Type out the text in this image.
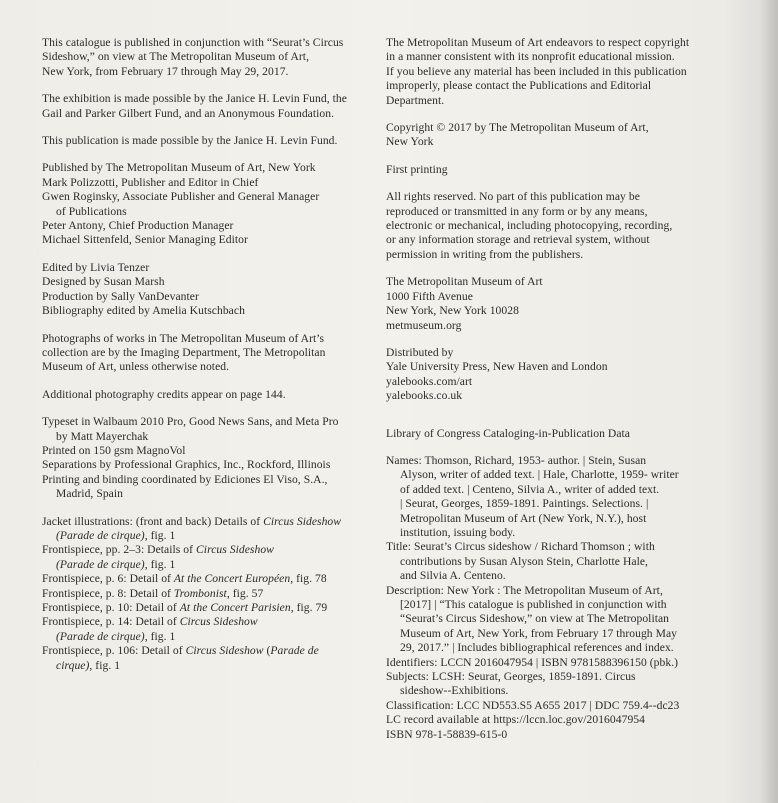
This catalogue is published in conjunction with “Seurat’s Circus
Sideshow,” on view at The Metropolitan Museum of Art,
New York, from February 17 through May 29, 2017.
The exhibition is made possible by the Janice H. Levin Fund, the
Gail and Parker Gilbert Fund, and an Anonymous Foundation.
This publication is made possible by the Janice H. Levin Fund.
Published by The Metropolitan Museum of Art, New York
Mark Polizzotti, Publisher and Editor in Chief
Gwen Roginsky, Associate Publisher and General Manager
of Publications
Peter Antony, Chief Production Manager
Michael Sittenfeld, Senior Managing Editor
Edited by Livia Tenzer
Designed by Susan Marsh
Production by Sally VanDevanter
Bibliography edited by Amelia Kutschbach
Photographs of works in The Metropolitan Museum of Art’s
collection are by the Imaging Department, The Metropolitan
Museum of Art, unless otherwise noted.
Additional photography credits appear on page 144.
Typeset in Walbaum 2010 Pro, Good News Sans, and Meta Pro
by Matt Mayerchak
Printed on 150 gsm MagnoVol
Separations by Professional Graphics, Inc., Rockford, Illinois
Printing and binding coordinated by Ediciones El Viso, S.A.,
Madrid, Spain
Jacket illustrations: (front and back) Details of Circus Sideshow
(Parade de cirque), fig. 1
Frontispiece, pp. 2–3: Details of Circus Sideshow
(Parade de cirque), fig. 1
Frontispiece, p. 6: Detail of At the Concert Européen, fig. 78
Frontispiece, p. 8: Detail of Trombonist, fig. 57
Frontispiece, p. 10: Detail of At the Concert Parisien, fig. 79
Frontispiece, p. 14: Detail of Circus Sideshow
(Parade de cirque), fig. 1
Frontispiece, p. 106: Detail of Circus Sideshow (Parade de
cirque), fig. 1
The Metropolitan Museum of Art endeavors to respect copyright
in a manner consistent with its nonprofit educational mission.
If you believe any material has been included in this publication
improperly, please contact the Publications and Editorial
Department.
Copyright © 2017 by The Metropolitan Museum of Art,
New York
First printing
All rights reserved. No part of this publication may be
reproduced or transmitted in any form or by any means,
electronic or mechanical, including photocopying, recording,
or any information storage and retrieval system, without
permission in writing from the publishers.
The Metropolitan Museum of Art
1000 Fifth Avenue
New York, New York 10028
metmuseum.org
Distributed by
Yale University Press, New Haven and London
yalebooks.com/art
yalebooks.co.uk
Library of Congress Cataloging-in-Publication Data
Names: Thomson, Richard, 1953- author. | Stein, Susan
Alyson, writer of added text. | Hale, Charlotte, 1959- writer
of added text. | Centeno, Silvia A., writer of added text.
| Seurat, Georges, 1859-1891. Paintings. Selections. |
Metropolitan Museum of Art (New York, N.Y.), host
institution, issuing body.
Title: Seurat’s Circus sideshow / Richard Thomson ; with
contributions by Susan Alyson Stein, Charlotte Hale,
and Silvia A. Centeno.
Description: New York : The Metropolitan Museum of Art,
[2017] | “This catalogue is published in conjunction with
“Seurat’s Circus Sideshow,” on view at The Metropolitan
Museum of Art, New York, from February 17 through May
29, 2017.” | Includes bibliographical references and index.
Identifiers: LCCN 2016047954 | ISBN 9781588396150 (pbk.)
Subjects: LCSH: Seurat, Georges, 1859-1891. Circus
sideshow--Exhibitions.
Classification: LCC ND553.S5 A655 2017 | DDC 759.4--dc23
LC record available at https://lccn.loc.gov/2016047954
ISBN 978-1-58839-615-0
